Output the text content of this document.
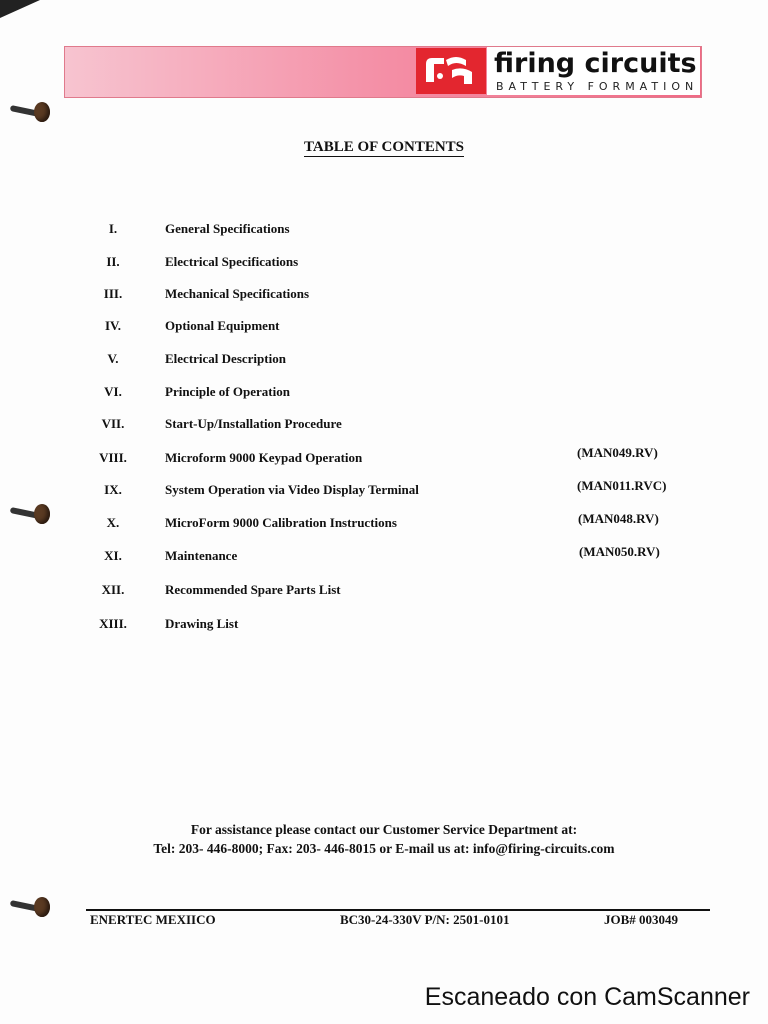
firing circuits
BATTERY FORMATION
TABLE OF CONTENTS
I.	General Specifications
II.	Electrical Specifications
III.	Mechanical Specifications
IV.	Optional Equipment
V.	Electrical Description
VI.	Principle of Operation
VII.	Start-Up/Installation Procedure
VIII.	Microform 9000 Keypad Operation	(MAN049.RV)
IX.	System Operation via Video Display Terminal	(MAN011.RVC)
X.	MicroForm 9000 Calibration Instructions	(MAN048.RV)
XI.	Maintenance	(MAN050.RV)
XII.	Recommended Spare Parts List
XIII.	Drawing List
For assistance please contact our Customer Service Department at:
Tel: 203- 446-8000; Fax: 203- 446-8015 or E-mail us at: info@firing-circuits.com
ENERTEC MEXIICO	BC30-24-330V P/N: 2501-0101	JOB# 003049
Escaneado con CamScanner
